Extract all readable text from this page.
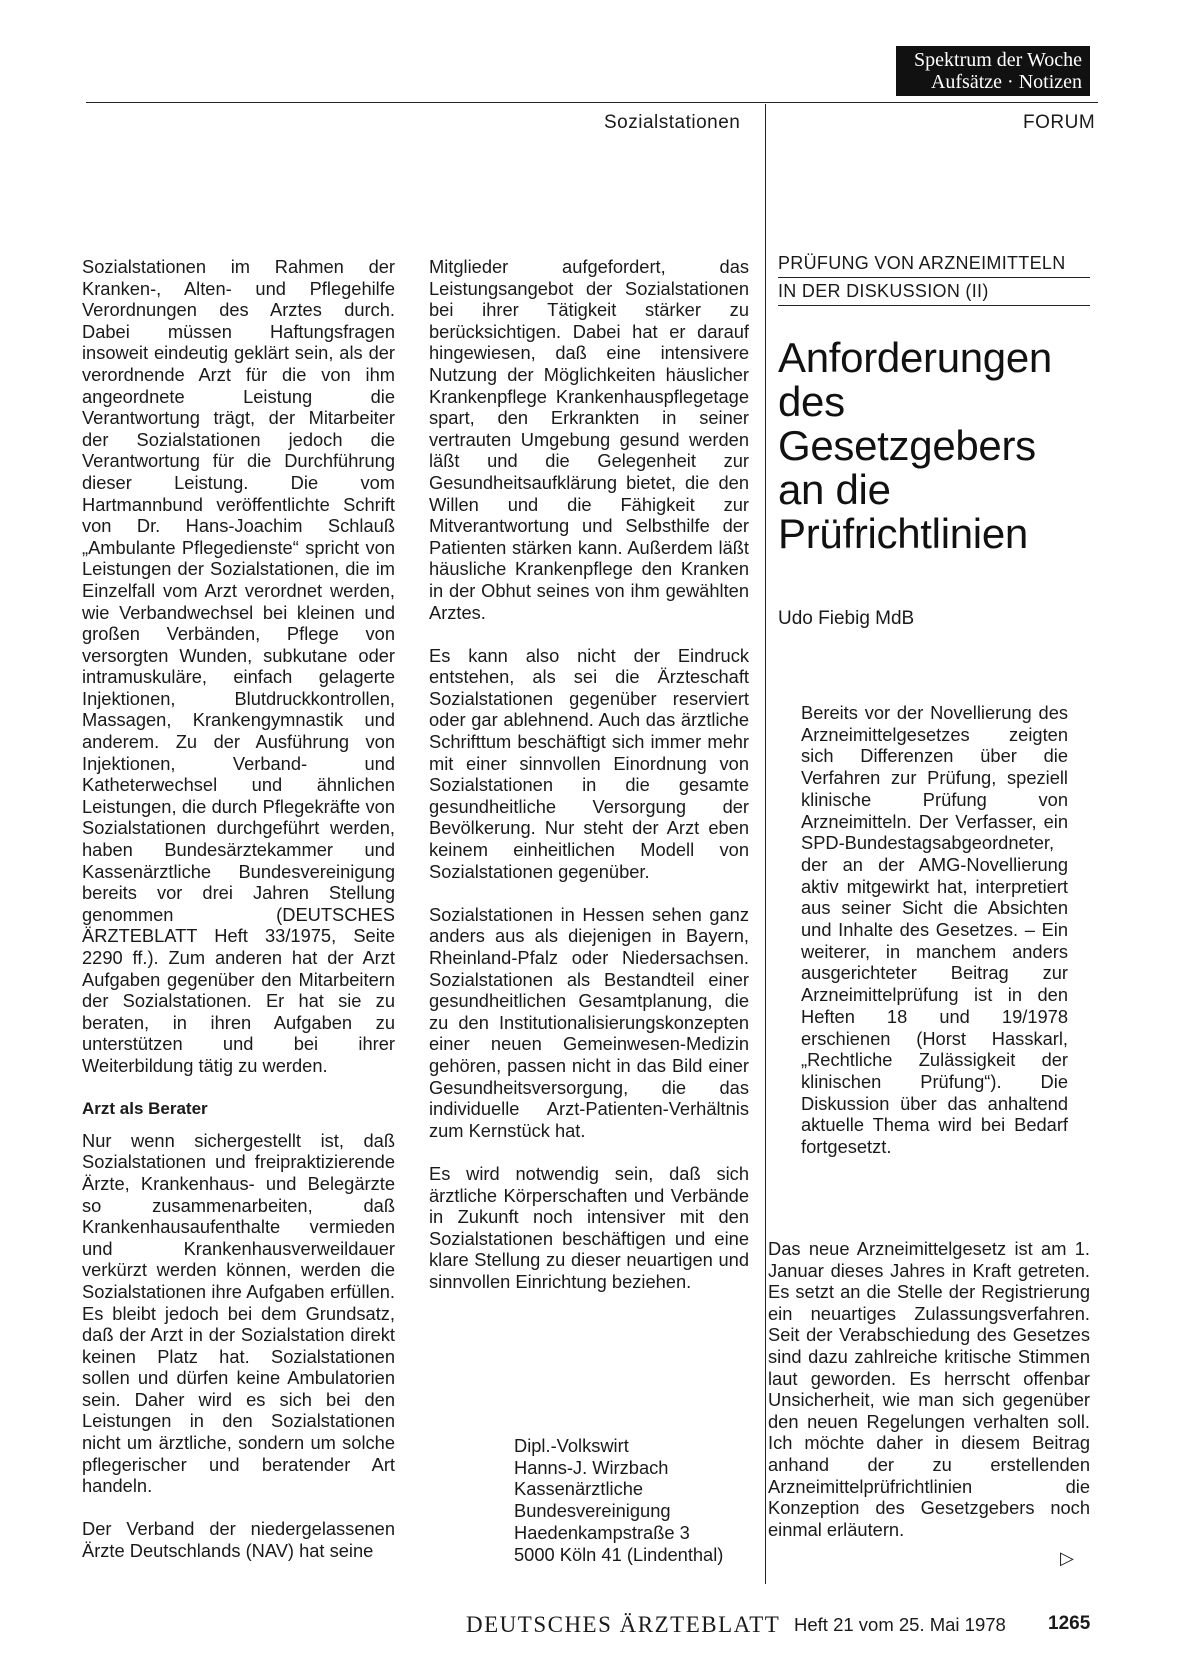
Spektrum der Woche
Aufsätze · Notizen
Sozialstationen	FORUM

Sozialstationen im Rahmen der Kranken-, Alten- und Pflegehilfe Verordnungen des Arztes durch. Dabei müssen Haftungsfragen insoweit eindeutig geklärt sein, als der verordnende Arzt für die von ihm angeordnete Leistung die Verantwortung trägt, der Mitarbeiter der Sozialstationen jedoch die Verantwortung für die Durchführung dieser Leistung. Die vom Hartmannbund veröffentlichte Schrift von Dr. Hans-Joachim Schlauß „Ambulante Pflegedienste“ spricht von Leistungen der Sozialstationen, die im Einzelfall vom Arzt verordnet werden, wie Verbandwechsel bei kleinen und großen Verbänden, Pflege von versorgten Wunden, subkutane oder intramuskuläre, einfach gelagerte Injektionen, Blutdruckkontrollen, Massagen, Krankengymnastik und anderem. Zu der Ausführung von Injektionen, Verband- und Katheterwechsel und ähnlichen Leistungen, die durch Pflegekräfte von Sozialstationen durchgeführt werden, haben Bundesärztekammer und Kassenärztliche Bundesvereinigung bereits vor drei Jahren Stellung genommen (DEUTSCHES ÄRZTEBLATT Heft 33/1975, Seite 2290 ff.). Zum anderen hat der Arzt Aufgaben gegenüber den Mitarbeitern der Sozialstationen. Er hat sie zu beraten, in ihren Aufgaben zu unterstützen und bei ihrer Weiterbildung tätig zu werden.

Arzt als Berater

Nur wenn sichergestellt ist, daß Sozialstationen und freipraktizierende Ärzte, Krankenhaus- und Belegärzte so zusammenarbeiten, daß Krankenhausaufenthalte vermieden und Krankenhausverweildauer verkürzt werden können, werden die Sozialstationen ihre Aufgaben erfüllen. Es bleibt jedoch bei dem Grundsatz, daß der Arzt in der Sozialstation direkt keinen Platz hat. Sozialstationen sollen und dürfen keine Ambulatorien sein. Daher wird es sich bei den Leistungen in den Sozialstationen nicht um ärztliche, sondern um solche pflegerischer und beratender Art handeln.

Der Verband der niedergelassenen Ärzte Deutschlands (NAV) hat seine

Mitglieder aufgefordert, das Leistungsangebot der Sozialstationen bei ihrer Tätigkeit stärker zu berücksichtigen. Dabei hat er darauf hingewiesen, daß eine intensivere Nutzung der Möglichkeiten häuslicher Krankenpflege Krankenhauspflegetage spart, den Erkrankten in seiner vertrauten Umgebung gesund werden läßt und die Gelegenheit zur Gesundheitsaufklärung bietet, die den Willen und die Fähigkeit zur Mitverantwortung und Selbsthilfe der Patienten stärken kann. Außerdem läßt häusliche Krankenpflege den Kranken in der Obhut seines von ihm gewählten Arztes.

Es kann also nicht der Eindruck entstehen, als sei die Ärzteschaft Sozialstationen gegenüber reserviert oder gar ablehnend. Auch das ärztliche Schrifttum beschäftigt sich immer mehr mit einer sinnvollen Einordnung von Sozialstationen in die gesamte gesundheitliche Versorgung der Bevölkerung. Nur steht der Arzt eben keinem einheitlichen Modell von Sozialstationen gegenüber.

Sozialstationen in Hessen sehen ganz anders aus als diejenigen in Bayern, Rheinland-Pfalz oder Niedersachsen. Sozialstationen als Bestandteil einer gesundheitlichen Gesamtplanung, die zu den Institutionalisierungskonzepten einer neuen Gemeinwesen-Medizin gehören, passen nicht in das Bild einer Gesundheitsversorgung, die das individuelle Arzt-Patienten-Verhältnis zum Kernstück hat.

Es wird notwendig sein, daß sich ärztliche Körperschaften und Verbände in Zukunft noch intensiver mit den Sozialstationen beschäftigen und eine klare Stellung zu dieser neuartigen und sinnvollen Einrichtung beziehen.

Dipl.-Volkswirt
Hanns-J. Wirzbach
Kassenärztliche
Bundesvereinigung
Haedenkampstraße 3
5000 Köln 41 (Lindenthal)
PRÜFUNG VON ARZNEIMITTELN
IN DER DISKUSSION (II)
Anforderungen
des
Gesetzgebers
an die
Prüfrichtlinien
Udo Fiebig MdB
Bereits vor der Novellierung des Arzneimittelgesetzes zeigten sich Differenzen über die Verfahren zur Prüfung, speziell klinische Prüfung von Arzneimitteln. Der Verfasser, ein SPD-Bundestagsabgeordneter, der an der AMG-Novellierung aktiv mitgewirkt hat, interpretiert aus seiner Sicht die Absichten und Inhalte des Gesetzes. – Ein weiterer, in manchem anders ausgerichteter Beitrag zur Arzneimittelprüfung ist in den Heften 18 und 19/1978 erschienen (Horst Hasskarl, „Rechtliche Zulässigkeit der klinischen Prüfung“). Die Diskussion über das anhaltend aktuelle Thema wird bei Bedarf fortgesetzt.

Das neue Arzneimittelgesetz ist am 1. Januar dieses Jahres in Kraft getreten. Es setzt an die Stelle der Registrierung ein neuartiges Zulassungsverfahren. Seit der Verabschiedung des Gesetzes sind dazu zahlreiche kritische Stimmen laut geworden. Es herrscht offenbar Unsicherheit, wie man sich gegenüber den neuen Regelungen verhalten soll. Ich möchte daher in diesem Beitrag anhand der zu erstellenden Arzneimittelprüfrichtlinien die Konzeption des Gesetzgebers noch einmal erläutern.

▷
DEUTSCHES ÄRZTEBLATT Heft 21 vom 25. Mai 1978 1265
